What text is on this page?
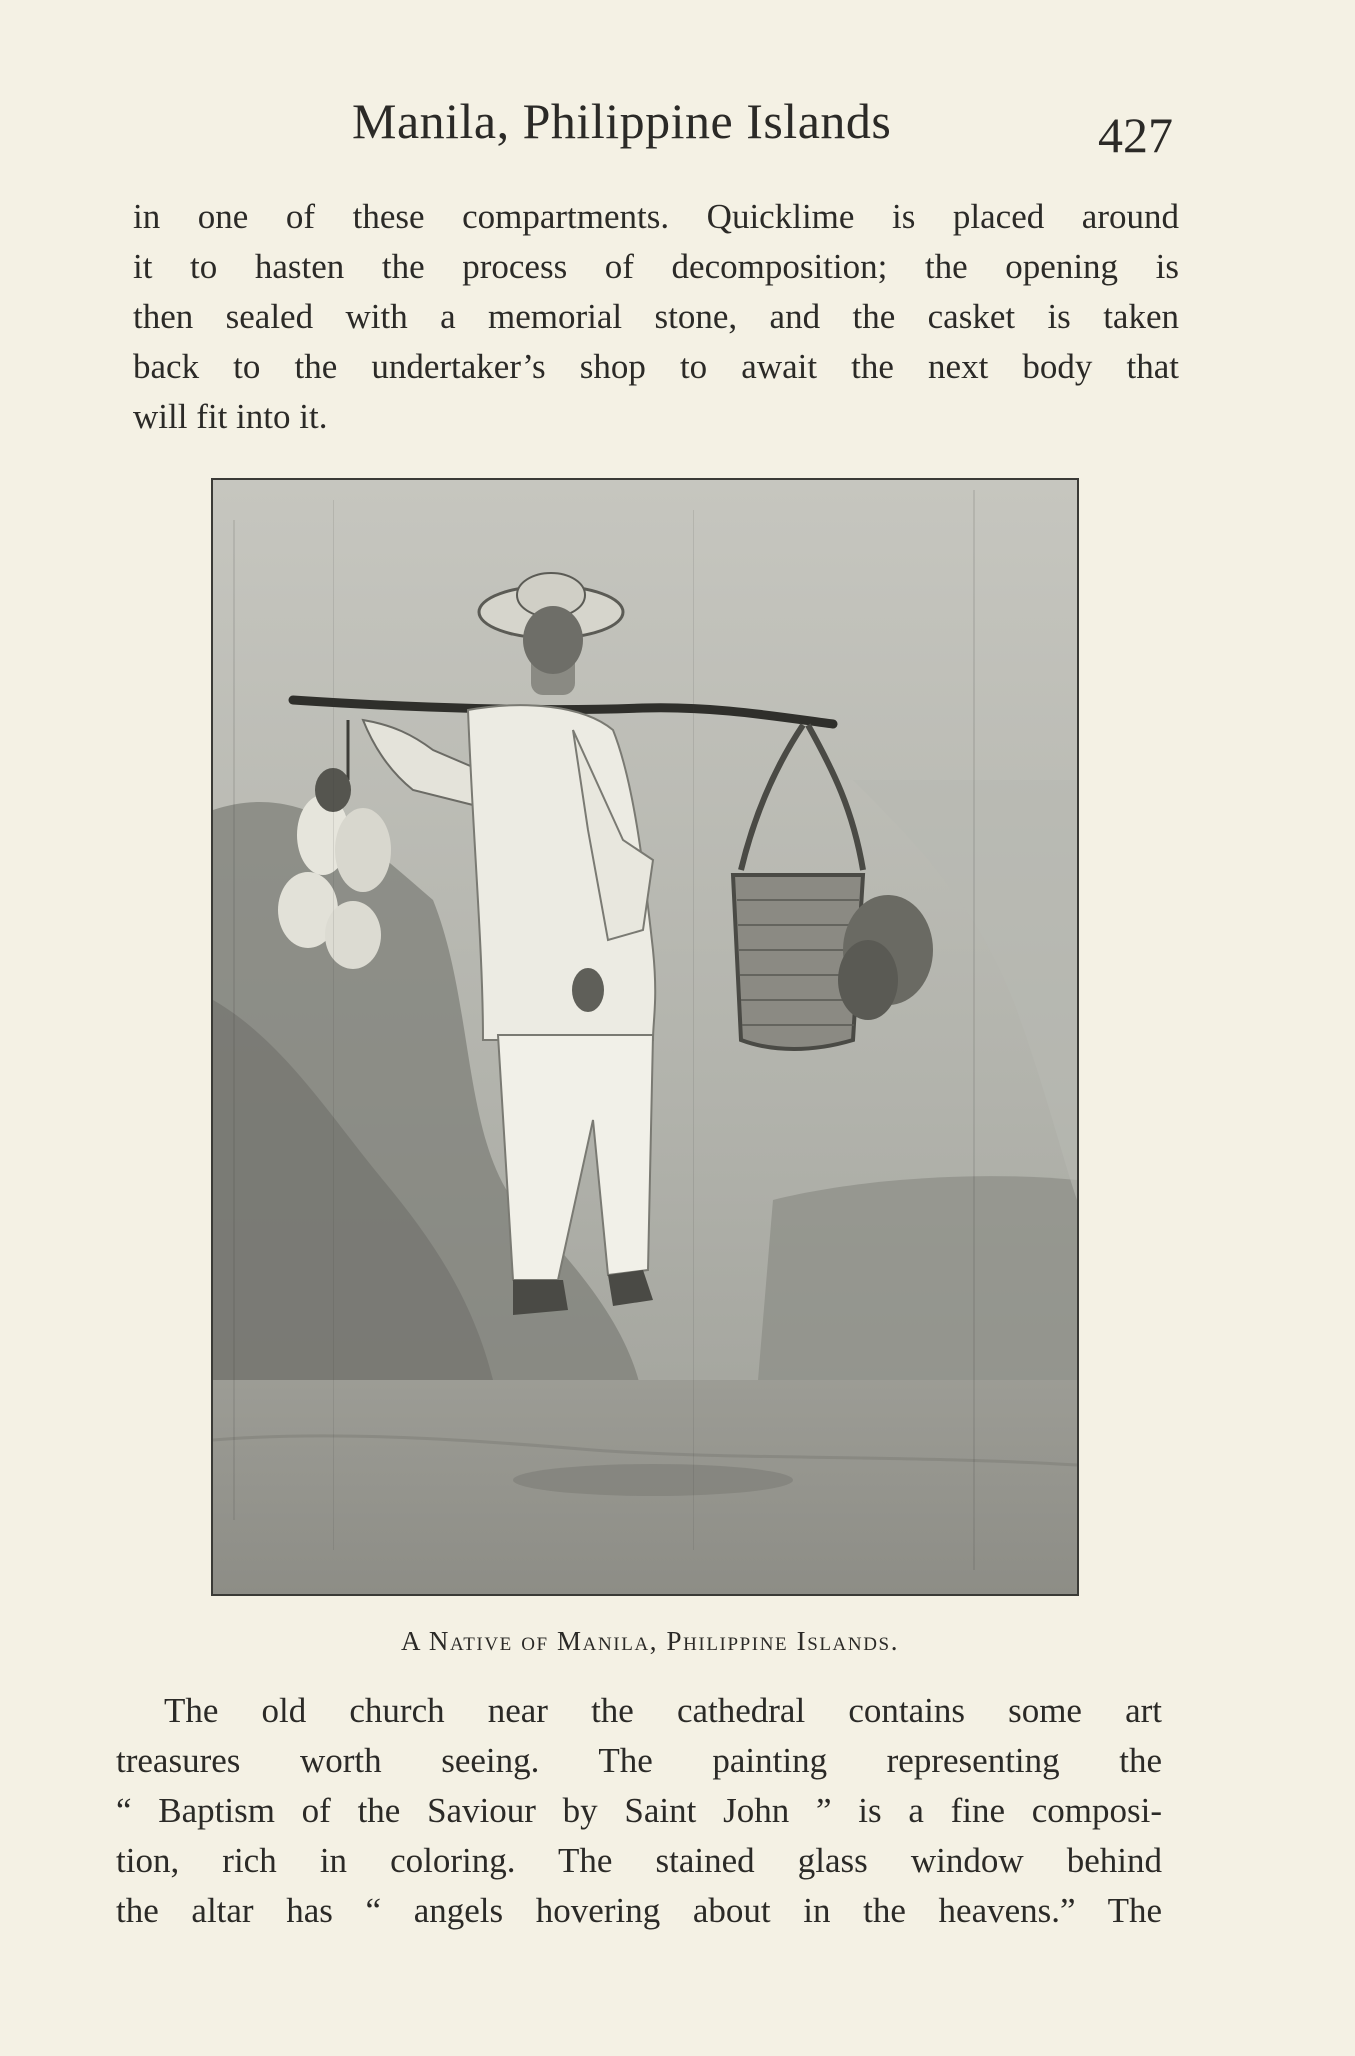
Manila, Philippine Islands	427
in one of these compartments. Quicklime is placed around
it to hasten the process of decomposition; the opening is
then sealed with a memorial stone, and the casket is taken
back to the undertaker’s shop to await the next body that
will fit into it.
A Native of Manila, Philippine Islands.
The old church near the cathedral contains some art
treasures worth seeing. The painting representing the
“ Baptism of the Saviour by Saint John ” is a fine composi-
tion, rich in coloring. The stained glass window behind
the altar has “ angels hovering about in the heavens.” The
